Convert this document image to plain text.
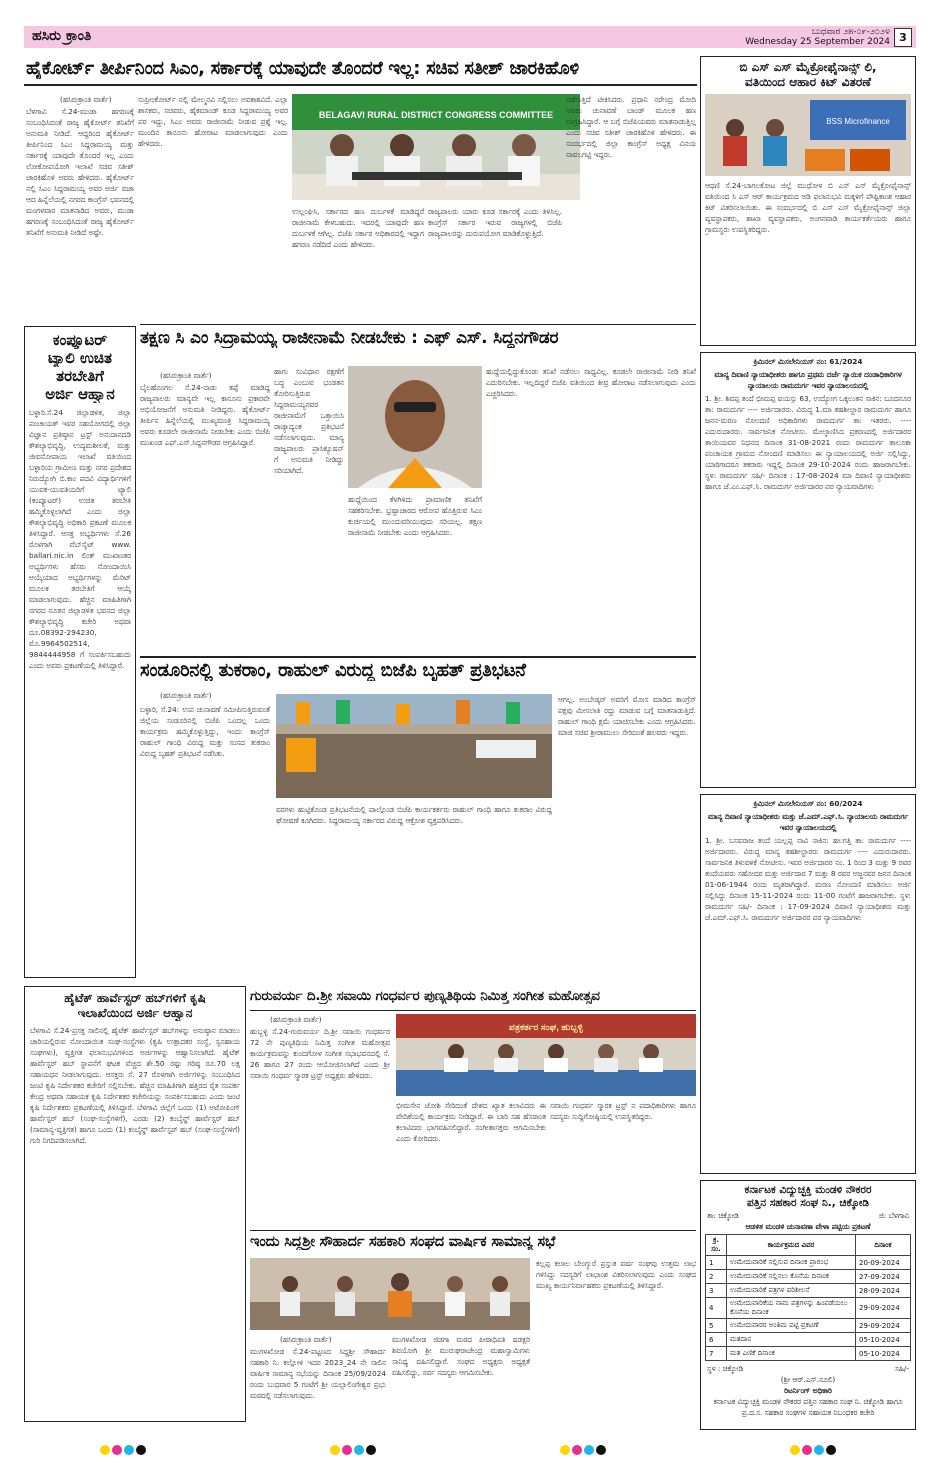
ಹಸಿರು ಕ್ರಾಂತಿ	ಬುಧವಾರ ೨೫-೦೯-೨೦೨೪
Wednesday 25 September 2024 3
ಹೈಕೋರ್ಟ್ ತೀರ್ಪಿನಿಂದ ಸಿಎಂ, ಸರ್ಕಾರಕ್ಕೆ ಯಾವುದೇ ತೊಂದರೆ ಇಲ್ಲ: ಸಚಿವ ಸತೀಶ್ ಜಾರಕಿಹೊಳಿ
(ಹಸಿರುಕ್ರಾಂತಿ ವಾರ್ತೆ)
ಬೆಳಗಾವಿ ಸೆ.24-ಮುಡಾ ಹಗರಣಕ್ಕೆ ಸಂಬಂಧಿಸಿದಂತೆ ರಾಜ್ಯ ಹೈಕೋರ್ಟ್ ತನಿಖೆಗೆ ಅನುಮತಿ ನೀಡಿದೆ. ಆದ್ದರಿಂದ ಹೈಕೋರ್ಟ್ ತೀರ್ಪಿನಿಂದ ಸಿಎಂ ಸಿದ್ದರಾಮಯ್ಯ ಮತ್ತು ಸರ್ಕಾರಕ್ಕೆ ಯಾವುದೇ ತೊಂದರೆ ಇಲ್ಲ ಎಂದು ಲೋಕೋಪಯೋಗಿ ಇಲಾಖೆ ಸಚಿವ ಸತೀಶ್ ಜಾರಕಿಹೊಳಿ ಅವರು ಹೇಳಿದರು. ಹೈಕೋರ್ಟ್ ನಲ್ಲಿ ಸಿಎಂ ಸಿದ್ದರಾಮಯ್ಯ ಅವರ ಅರ್ಜಿ ವಜಾ ಆದ ಹಿನ್ನೆಲೆಯಲ್ಲಿ ನಗರದ ಕಾಂಗ್ರೆಸ್ ಭವನದಲ್ಲಿ ಮಂಗಳವಾರ ಮಾತನಾಡಿದ ಅವರು, ಮುಡಾ ಹಗರಣಕ್ಕೆ ಸಂಬಂಧಿಸಿದಂತೆ ರಾಜ್ಯ ಹೈಕೋರ್ಟ್ ತನಿಖೆಗೆ ಅನುಮತಿ ನೀಡಿದೆ ಅಷ್ಟೇ.
ಸುಪ್ರೀಂಕೋರ್ಟ್ ನಲ್ಲಿ ಮೇಲ್ಮನವಿ ಸಲ್ಲಿಸಲು ಅವಕಾಶವಿದೆ. ಎಲ್ಲಾ ಶಾಸಕರು, ಸಚಿವರು, ಹೈಕಮಾಂಡ್ ಕೂಡ ಸಿದ್ದರಾಮಯ್ಯ ಅವರ ಪರ ಇದ್ದು, ಸಿಎಂ ಅವರು ರಾಜೀನಾಮೆ ನೀಡುವ ಪ್ರಶ್ನೆ ಇಲ್ಲ. ಮುಂದಿನ ಕಾನೂನು ಹೋರಾಟ ಮಾಡಲಾಗುವುದು ಎಂದು ಹೇಳಿದರು.
BELAGAVI RURAL DISTRICT CONGRESS COMMITTEE
ಉಲ್ಲಂಘಿಸಿ, ಸರ್ಕಾರದ ಹಣ ದುರ್ಬಳಕೆ ಮಾಡಿದ್ದರೆ ರಾಜೀನಾಮೆ ಕೇಳಬಹುದು. ಇದರಲ್ಲಿ ಯಾವುದೇ ಹಣ ದುರ್ಬಳಕೆ ಆಗಿಲ್ಲ. ಬಿಜೆಪಿ ಸರ್ಕಾರ ಅಧಿಕಾರದಲ್ಲಿ ಇದ್ದಾಗ ಹಗರಣ ನಡೆದಿದೆ ಎಂದು ಹೇಳಿದರು.
ರಾಜ್ಯಪಾಲರು ಯಾರು ಕೂಡ ಸರ್ಕಾರಕ್ಕೆ ಎಂದು ತಿಳಿಸಿಲ್ಲ. ಕಾಂಗ್ರೆಸ್ ಸರ್ಕಾರ ಇರುವ ರಾಜ್ಯಗಳಲ್ಲಿ ಬಿಜೆಪಿ ರಾಜ್ಯಪಾಲರನ್ನು ದುರುಪಯೋಗ ಮಾಡಿಕೊಳ್ಳುತ್ತಿದೆ.
ನಡೆಸುತ್ತಿದೆ ಟೀಕಿಸಿದರು. ಪ್ರಧಾನಿ ನರೇಂದ್ರ ಮೋದಿ ಅವರು ಚುನಾವಣೆ ಬಾಂಡ್ ಮೂಲಕ ಹಣ ಸಂಗ್ರಹಿಸಿದ್ದಾರೆ. ಆ ಬಗ್ಗೆ ಬಿಜೆಪಿಯವರು ಮಾತನಾಡುತ್ತಿಲ್ಲ ಎಂದು ಸಚಿವ ಸತೀಶ್ ಜಾರಕಿಹೊಳಿ ಹೇಳಿದರು. ಈ ಸಂದರ್ಭದಲ್ಲಿ ಜಿಲ್ಲಾ ಕಾಂಗ್ರೆಸ್ ಅಧ್ಯಕ್ಷ ವಿನಯ ನಾವಲಗಟ್ಟಿ ಇದ್ದರು.
ಬಿ ಎಸ್ ಎಸ್ ಮೈಕ್ರೋಫೈನಾನ್ಸ್ ಲಿ,
ವತಿಯಿಂದ ಆಹಾರ ಕಿಟ್ ವಿತರಣೆ
BSS Microfinance
ಆಥಣಿ ಸೆ.24-ಬಾಗಲಕೋಟ ಜಿಲ್ಲೆ ಮುಧೋಳ ಬಿ ಎಸ್ ಎಸ್ ಮೈಕ್ರೋಫೈನಾನ್ಸ್ ವತಿಯಿಂದ ಸಿ ಎಸ್ ಆರ್ ಕಾರ್ಯಕ್ರಮದ ಅಡಿ ಫಲಾನುಭವಿ ಮಕ್ಕಳಿಗೆ ಪೌಷ್ಟಿಕಾಂಶ ಆಹಾರ ಕಿಟ್ ವಿತರಿಸಲಾಯಿತು. ಈ ಸಂದರ್ಭದಲ್ಲಿ ಬಿ ಎಸ್ ಎಸ್ ಮೈಕ್ರೋಫೈನಾನ್ಸ್ ಜಿಲ್ಲಾ ವ್ಯವಸ್ಥಾಪಕರು, ಶಾಖಾ ವ್ಯವಸ್ಥಾಪಕರು, ಅಂಗನವಾಡಿ ಕಾರ್ಯಕರ್ತೆಯರು ಹಾಗೂ ಗ್ರಾಮಸ್ಥರು ಉಪಸ್ಥಿತರಿದ್ದರು.
ತಕ್ಷಣ ಸಿ ಎಂ ಸಿದ್ರಾಮಯ್ಯ ರಾಜೀನಾಮೆ ನೀಡಬೇಕು : ಎಫ್ ಎಸ್. ಸಿದ್ದನಗೌಡರ
(ಹಸಿರುಕ್ರಾಂತಿ ವಾರ್ತೆ)
ಬೈಲಹೊಂಗಲ ಸೆ.24-ನಾಡು ತಪ್ಪೆ ಮಾಡಿದ್ದ ರಾಜ್ಯಪಾಲರು ಮಾನ್ಯವೇ ಇಲ್ಲ ಕಾನೂನು ಪ್ರಕಾರವೇ ಅಭಿಯೋಜನೆಗೆ ಅನುಮತಿ ನೀಡಿದ್ದರು. ಹೈಕೋರ್ಟ್ ತೀರ್ಪಿನ ಹಿನ್ನೆಲೆಯಲ್ಲಿ ಮುಖ್ಯಮಂತ್ರಿ ಸಿದ್ದರಾಮಯ್ಯ ಅವರು ಕೂಡಲೇ ರಾಜೀನಾಮೆ ನೀಡಬೇಕು ಎಂದು ಬಿಜೆಪಿ ಮುಖಂಡ ಎಫ್.ಎಸ್.ಸಿದ್ದನಗೌಡರ ಆಗ್ರಹಿಸಿದ್ದಾರೆ.
ಹಾಗು ಸಂವಿಧಾನ ರಕ್ಷಣೆಗೆ ಬದ್ಧ ಎಂಬುವ ಭಂಡತನ ತೋರಿಸುತ್ತಿರುವ ಸಿದ್ದರಾಮಯ್ಯನವರ ರಾಜೀನಾಮೆಗೆ ಒತ್ತಾಯಿಸಿ ರಾಜ್ಯಾದ್ಯಂತ ಪ್ರತಿಭಟನೆ ನಡೆಸಲಾಗುವುದು. ಮಾನ್ಯ ರಾಜ್ಯಪಾಲರು ಪ್ರಾಸಿಕ್ಯೂಷನ್ ಗೆ ಅನುಮತಿ ನೀಡಿದ್ದು ಸರಿಯಾಗಿದೆ.
ಹುದ್ದೆಯಿಂದ ಕೆಳಗಿಳಿದು ಪ್ರಾಮಾಣಿಕ ತನಿಖೆಗೆ ಸಹಕರಿಸಬೇಕು. ಭ್ರಷ್ಟಾಚಾರದ ಆರೋಪ ಹೊತ್ತಿರುವ ಸಿಎಂ ಕುರ್ಚಿಯಲ್ಲಿ ಮುಂದುವರಿಯುವುದು ಸರಿಯಲ್ಲ. ತಕ್ಷಣ ರಾಜೀನಾಮೆ ನೀಡಬೇಕು ಎಂದು ಆಗ್ರಹಿಸಿದರು.
ಹುದ್ದೆಯಲ್ಲಿದ್ದುಕೊಂಡು ತನಿಖೆ ನಡೆಸಲು ಸಾಧ್ಯವಿಲ್ಲ. ಕೂಡಲೇ ರಾಜೀನಾಮೆ ನೀಡಿ ತನಿಖೆ ಎದುರಿಸಬೇಕು. ಇಲ್ಲದಿದ್ದರೆ ಬಿಜೆಪಿ ವತಿಯಿಂದ ತೀವ್ರ ಹೋರಾಟ ನಡೆಸಲಾಗುವುದು ಎಂದು ಎಚ್ಚರಿಸಿದರು.
ಕಂಪ್ಯೂಟರ್
ಟ್ಯಾಲಿ ಉಚಿತ
ತರಬೇತಿಗೆ
ಅರ್ಜಿ ಆಹ್ವಾನ
ಬಳ್ಳಾರಿ.ಸೆ.24 ಜಿಲ್ಲಾಡಳಿತ, ಜಿಲ್ಲಾ ಪಂಚಾಯತ್ ಇವರ ಸಹಯೋಗದಲ್ಲಿ ಜಿಲ್ಲಾ ವಿಜ್ಞಾನ ಪ್ರತಿಷ್ಠಾನ ಟ್ರಸ್ಟ್ ಅನುದಾನದಡಿ ಕೌಶಲ್ಯಾಭಿವೃದ್ಧಿ, ಉದ್ಯಮಶೀಲತೆ, ಮತ್ತು ಜೀವನೋಪಾಯ ಇಲಾಖೆ ವತಿಯಿಂದ ಬಳ್ಳಾರಿಯ ಗ್ರಾಮೀಣ ಮತ್ತು ನಗರ ಪ್ರದೇಶದ ನಿರುದ್ಯೋಗಿ ಬಿ.ಕಾಂ ಪದವಿ ವಿದ್ಯಾರ್ಥಿಗಳಿಗೆ ಯುವಕ-ಯುವತಿಯರಿಗೆ ಟ್ಯಾಲಿ (ಕಂಪ್ಯೂಟರ್) ಉಚಿತ ತರಬೇತಿ ಹಮ್ಮಿಕೊಳ್ಳಲಾಗಿದೆ ಎಂದು ಜಿಲ್ಲಾ ಕೌಶಲ್ಯಾಭಿವೃದ್ಧಿ ಅಧಿಕಾರಿ ಪ್ರಕಟಣೆ ಮೂಲಕ ತಿಳಿಸಿದ್ದಾರೆ. ಆಸಕ್ತ ಅಭ್ಯರ್ಥಿಗಳು ಸೆ.26 ರೊಳಗಾಗಿ ವೆಬ್‌ಸೈಟ್ www. ballari.nic.in ಲಿಂಕ್ ಮುಖಾಂತರ ಅಭ್ಯರ್ಥಿಗಳು ಹೆಸರು ನೋಂದಾಯಿಸಿ ಆಯ್ಕೆಯಾದ ಅಭ್ಯರ್ಥಿಗಳನ್ನು ಮೆರಿಟ್ ಮೂಲಕ ತರಬೇತಿಗೆ ಆಯ್ಕೆ ಮಾಡಲಾಗುವುದು. ಹೆಚ್ಚಿನ ಮಾಹಿತಿಗಾಗಿ ನಗರದ ನೂತನ ಜಿಲ್ಲಾಡಳಿತ ಭವನದ ಜಿಲ್ಲಾ ಕೌಶಲ್ಯಾಭಿವೃದ್ಧಿ ಕಚೇರಿ ಅಥವಾ ದೂ.08392-294230, ಮೊ.9964502514, 9844444958 ಗೆ ಸಂಪರ್ಕಿಸಬಹುದು ಎಂದು ಅವರು ಪ್ರಕಟಣೆಯಲ್ಲಿ ತಿಳಿಸಿದ್ದಾರೆ. ಸಂಡೂರಿನಲ್ಲಿ ತುಕರಾಂ, ರಾಹುಲ್ ವಿರುದ್ದ ಬಿಜೆಪಿ ಬೃಹತ್ ಪ್ರತಿಭಟನೆ
(ಹಸಿರುಕ್ರಾಂತಿ ವಾರ್ತೆ)
ಬಳ್ಳಾರಿ, ಸೆ.24: ಉಪ ಚುನಾವಣೆ ಸಮೀಪಿಸುತ್ತಿರುವಂತೆ ಜಿಲ್ಲೆಯ ಸಂಡೂರಿನಲ್ಲಿ ಬಿಜೆಪಿ ಒಂದಲ್ಲ ಒಂದು ಕಾರ್ಯಕ್ರಮ ಹಮ್ಮಿಕೊಳ್ಳುತ್ತಿದ್ದು, ಇಂದು ಕಾಂಗ್ರೆಸ್ ರಾಹುಲ್ ಗಾಂಧಿ ವಿರುದ್ದ ಮತ್ತು ಸಂಸದ ತುಕರಾಂ ವಿರುದ್ದ ಬೃಹತ್ ಪ್ರತಿಭಟನೆ ನಡೆಸಿತು.
ವರಗಳು ಹುಟ್ಟಿಕೊಂಡ ಪ್ರತಿಭಟನೆಯಲ್ಲಿ ಪಾಲ್ಗೊಂಡ ಬಿಜೆಪಿ ಕಾರ್ಯಕರ್ತರು ರಾಹುಲ್ ಗಾಂಧಿ ಹಾಗೂ ತುಕರಾಂ ವಿರುದ್ದ ಘೋಷಣೆ ಕೂಗಿದರು. ಸಿದ್ದರಾಮಯ್ಯ ಸರ್ಕಾರದ ವಿರುದ್ದ ಆಕ್ರೋಶ ವ್ಯಕ್ತಪಡಿಸಿದರು.
ಆಗಲ್ಲ. ಅಂಬೇಡ್ಕರ್ ಅವರಿಗೆ ಮೋಸ ಮಾಡಿದ ಕಾಂಗ್ರೆಸ್ ಪಕ್ಷವು ಮೀಸಲಾತಿ ರದ್ದು ಮಾಡುವ ಬಗ್ಗೆ ಮಾತನಾಡುತ್ತಿದೆ. ರಾಹುಲ್ ಗಾಂಧಿ ಕ್ಷಮೆ ಯಾಚಿಸಬೇಕು ಎಂದು ಆಗ್ರಹಿಸಿದರು. ಮಾಜಿ ಸಚಿವ ಶ್ರೀರಾಮುಲು ಸೇರಿದಂತೆ ಹಲವರು ಇದ್ದರು.
ಕ್ರಿಮಿನಲ್ ಮಿಸಲೇನಿಯಸ್ ನಂ: 61/2024
ಮಾನ್ಯ ದಿವಾಣಿ ನ್ಯಾಯಾಧೀಶರು ಹಾಗೂ ಪ್ರಥಮ ದರ್ಜೆ ನ್ಯಾಯಿಕ ದಂಡಾಧಿಕಾರಿಗಳ ನ್ಯಾಯಾಲಯ ರಾಮದುರ್ಗ ಇವರ ನ್ಯಾಯಾಲಯದಲ್ಲಿ
1. ಶ್ರೀ. ಶಿವಪ್ಪ ತಂದೆ ಭೀಮಪ್ಪ ವಯಸ್ಸು 63, ಉದ್ಯೋಗ ಒಕ್ಕಲುತನ ಸಾಕಿನ: ಬೂದನೂರ ತಾ: ರಾಮದುರ್ಗ ---- ಅರ್ಜಿದಾರರು. ವಿರುದ್ಧ 1.ಮಾ ತಹಶೀಲ್ದಾರ ರಾಮದುರ್ಗ ಹಾಗೂ ಜನನ-ಮರಣ ನೋಂದಣಿ ಅಧಿಕಾರಿಗಳು ರಾಮದುರ್ಗ ತಾ: ಇತರರು. ---- ಎದುರುದಾರರು. ಸಾರ್ವಜನಿಕ ನೋಟೀಸು. ಮೇಲ್ಕಾಣಿಸಿದ ಪ್ರಕರಣದಲ್ಲಿ ಅರ್ಜಿದಾರರ ತಾಯಿಯವರ ನಿಧನದ ದಿನಾಂಕ 31-08-2021 ರಂದು ರಾಮದುರ್ಗ ತಾಲೂಕಾ ಪಂಚಾಯತ ಗ್ರಾಮದ ನೋಂದಣಿ ಮಾಡಿಸಲು ಈ ನ್ಯಾಯಾಲಯದಲ್ಲಿ ಅರ್ಜಿ ಸಲ್ಲಿಸಿದ್ದು, ಯಾರಿಗಾದರೂ ತಕರಾರು ಇದ್ದಲ್ಲಿ ದಿನಾಂಕ 29-10-2024 ರಂದು ಹಾಜರಾಗಬೇಕು. ಸ್ಥಳ: ರಾಮದುರ್ಗ ಸಹಿ/- ದಿನಾಂಕ : 17-08-2024 ಮಾ ದಿವಾಣಿ ನ್ಯಾಯಾಧೀಶರು ಹಾಗೂ ಜೆ.ಎಂ.ಎಫ್.ಸಿ. ರಾಮದುರ್ಗ ಅರ್ಜಿದಾರರ ಪರ ನ್ಯಾಯವಾದಿಗಳು
ಕ್ರಿಮಿನಲ್ ಮಿಸಲೇನಿಯಸ್ ನಂ: 60/2024
ಮಾನ್ಯ ದಿವಾಣಿ ನ್ಯಾಯಾಧೀಶರು ಮತ್ತು ಜೆ.ಎಮ್.ಎಫ್.ಸಿ. ನ್ಯಾಯಾಲಯ ರಾಮದುರ್ಗ ಇವರ ನ್ಯಾಯಾಲಯದಲ್ಲಿ
1. ಶ್ರೀ. ಬಸವರಾಜ ತಂದೆ ಯಲ್ಲಪ್ಪ ನಾವಿ ಸಾಕಿನ: ಹಲಗತ್ತಿ ತಾ: ರಾಮದುರ್ಗ ---- ಅರ್ಜಿದಾರರು. ವಿರುದ್ಧ ಮಾನ್ಯ ತಹಶೀಲ್ದಾರರು ರಾಮದುರ್ಗ ---- ಎದುರುದಾರರು. ಸಾರ್ವಜನಿಕ ತಿಳುವಳಿಕೆ ನೋಟೀಸು. ಇವರ ಅರ್ಜಿದಾರರ ನಂ. 1 ರಿಂದ 3 ಮತ್ತು 9 ರವರ ತಂದೆಯವರು ಸಹೋದರ ಮತ್ತು ಅರ್ಜಿದಾರ 7 ಮತ್ತು 8 ರವರ ಅಜ್ಜನವರ ಜನನ ದಿನಾಂಕ 01-06-1944 ರಂದು ಮೃತರಾಗಿದ್ದಾರೆ. ಮರಣ ನೋಂದಣಿ ಮಾಡಿಸಲು ಅರ್ಜಿ ಸಲ್ಲಿಸಿದ್ದು ದಿನಾಂಕ 15-11-2024 ರಂದು 11-00 ಗಂಟೆಗೆ ಹಾಜರಾಗಬೇಕು. ಸ್ಥಳ: ರಾಮದುರ್ಗ ಸಹಿ/- ದಿನಾಂಕ : 17-09-2024 ದಿವಾಣಿ ನ್ಯಾಯಾಧೀಶರು ಮತ್ತು ಜೆ.ಎಮ್.ಎಫ್.ಸಿ. ರಾಮದುರ್ಗ ಅರ್ಜಿದಾರರ ಪರ ನ್ಯಾಯವಾದಿಗಳು
ಹೈಟೆಕ್ ಹಾರ್ವೆಸ್ಟರ್ ಹಬ್‌ಗಳಿಗೆ ಕೃಷಿ
ಇಲಾಖೆಯಿಂದ ಅರ್ಜಿ ಆಹ್ವಾನ
ಬೆಳಗಾವಿ ಸೆ.24-ಪ್ರಸಕ್ತ ಸಾಲಿನಲ್ಲಿ ಹೈಟೆಕ್ ಹಾರ್ವೆಸ್ಟರ್ ಹಬ್‌ಗಳನ್ನು ಅನುಷ್ಠಾನ ಮಾಡಲು ಜಾರಿಯಲ್ಲಿರುವ ನೋಂದಾಯಿತ ಸಂಘ-ಸಂಸ್ಥೆಗಳು (ಕೃಷಿ ಉತ್ಪಾದಕರ ಸಂಸ್ಥೆ, ಸ್ವಸಹಾಯ ಸಂಘಗಳು), ವ್ಯಕ್ತಿಗತ ಫಲಾನುಭವಿಗಳಿಂದ ಅರ್ಜಿಗಳನ್ನು ಆಹ್ವಾನಿಸಲಾಗಿದೆ. ಹೈಟೆಕ್ ಹಾರ್ವೆಸ್ಟರ್ ಹಬ್ ಸ್ಥಾಪನೆಗೆ ಘಟಕ ವೆಚ್ಚದ ಶೇ.50 ರಷ್ಟು ಗರಿಷ್ಠ ರೂ.70 ಲಕ್ಷ ಸಹಾಯಧನ ನೀಡಲಾಗುವುದು. ಆಸಕ್ತರು ಸೆ. 27 ರೊಳಗಾಗಿ ಅರ್ಜಿಗಳನ್ನು ಸಂಬಂಧಿಸಿದ ಜಂಟಿ ಕೃಷಿ ನಿರ್ದೇಶಕರ ಕಚೇರಿಗೆ ಸಲ್ಲಿಸಬೇಕು. ಹೆಚ್ಚಿನ ಮಾಹಿತಿಗಾಗಿ ಹತ್ತಿರದ ರೈತ ಸಂಪರ್ಕ ಕೇಂದ್ರ ಅಥವಾ ಸಹಾಯಕ ಕೃಷಿ ನಿರ್ದೇಶಕರ ಕಚೇರಿಯನ್ನು ಸಂಪರ್ಕಿಸಬಹುದು ಎಂದು ಜಂಟಿ ಕೃಷಿ ನಿರ್ದೇಶಕರು ಪ್ರಕಟಣೆಯಲ್ಲಿ ತಿಳಿಸಿದ್ದಾರೆ. ಬೆಳಗಾವಿ ಜಿಲ್ಲೆಗೆ ಒಂದು (1) ಅಟೋಪಿಂಗ್ ಹಾರ್ವೆಸ್ಟರ್ ಹಬ್ (ಸಂಘ-ಸಂಸ್ಥೆಗಳಿಗೆ), ಎರಡು (2) ಕಂಬೈನ್ಡ್ ಹಾರ್ವೆಸ್ಟರ್ ಹಬ್ (ಸಾಮಾನ್ಯ-ವ್ಯಕ್ತಿಗತ) ಹಾಗೂ ಒಂದು (1) ಕಂಬೈನ್ಡ್ ಹಾರ್ವೆಸ್ಟರ್ ಹಬ್ (ಸಂಘ-ಸಂಸ್ಥೆಗಳಿಗೆ) ಗುರಿ ನಿಗದಿಪಡಿಸಲಾಗಿದೆ.
ಗುರುವರ್ಯ ದಿ.ಶ್ರೀ ಸವಾಯಿ ಗಂಧರ್ವರ ಪುಣ್ಯತಿಥಿಯ ನಿಮಿತ್ತ ಸಂಗೀತ ಮಹೋತ್ಸವ
(ಹಸಿರುಕ್ರಾಂತಿ ವಾರ್ತೆ)
ಹುಬ್ಬಳ್ಳಿ ಸೆ.24-ಗುರುವರ್ಯ ದಿ.ಶ್ರೀ ಸವಾಯಿ ಗಂಧರ್ವರ 72 ನೇ ಪುಣ್ಯತಿಥಿಯ ನಿಮಿತ್ತ ಸಂಗೀತ ಮಹೋತ್ಸವ ಕಾರ್ಯಕ್ರಮವನ್ನು ಕುಂದಗೋಳ ಸಂಗೀತ ಸಭಾಭವನದಲ್ಲಿ ಸೆ. 26 ಹಾಗೂ 27 ರಂದು ಆಯೋಜಿಸಲಾಗಿದೆ ಎಂದು ಶ್ರೀ ಸವಾಯಿ ಗಂಧರ್ವ ಸ್ಮಾರಕ ಟ್ರಸ್ಟ್ ಅಧ್ಯಕ್ಷರು ಹೇಳಿದರು.
ಪತ್ರಕರ್ತರ ಸಂಘ, ಹುಬ್ಬಳ್ಳಿ
ಭೀಮಸೇನ ಜೋಶಿ ಸೇರಿದಂತೆ ದೇಶದ ಖ್ಯಾತ ಕಲಾವಿದರು ಈ ವೇದಿಕೆಯಲ್ಲಿ ಕಾರ್ಯಕ್ರಮ ನೀಡಿದ್ದಾರೆ. ಈ ಬಾರಿ ಸಹ ಹೆಸರಾಂತ ಕಲಾವಿದರು ಭಾಗವಹಿಸಲಿದ್ದಾರೆ. ಸಂಗೀತಾಸಕ್ತರು ಆಗಮಿಸಬೇಕು ಎಂದು ಕೋರಿದರು.
ಸವಾಯಿ ಗಂಧರ್ವ ಸ್ಮಾರಕ ಟ್ರಸ್ಟ್ ನ ಪದಾಧಿಕಾರಿಗಳು ಹಾಗೂ ಸದಸ್ಯರು ಸುದ್ದಿಗೋಷ್ಠಿಯಲ್ಲಿ ಉಪಸ್ಥಿತರಿದ್ದರು.
ಇಂದು ಸಿದ್ದಶ್ರೀ ಸೌಹಾರ್ದ ಸಹಕಾರಿ ಸಂಘದ ವಾರ್ಷಿಕ ಸಾಮಾನ್ಯ ಸಭೆ
ಕಲ್ಲಪ್ಪ ಕಲಾಲ ಬೇಂಗ್ಯುರೆ ಪ್ರಸ್ತುತ ವರ್ಷ ಸಂಘವು ಉತ್ತಮ ಲಾಭ ಗಳಿಸಿದ್ದು ಸದಸ್ಯರಿಗೆ ಲಾಭಾಂಶ ವಿತರಿಸಲಾಗುವುದು ಎಂದು ಸಂಘದ ಮುಖ್ಯ ಕಾರ್ಯನಿರ್ವಾಹಕರು ಪ್ರಕಟಣೆಯಲ್ಲಿ ತಿಳಿಸಿದ್ದಾರೆ.
(ಹಸಿರುಕ್ರಾಂತಿ ವಾರ್ತೆ)
ಮುಗಳಖೋಡ ಸೆ.24-ಪಟ್ಟಣದ ಸಿದ್ದಶ್ರೀ ಸೌಹಾರ್ದ ಸಹಕಾರಿ ನಿ. ಕಲ್ಲೋಳಿ ಇದರ 2023_24 ನೇ ಸಾಲಿನ ವಾರ್ಷಿಕ ಸಾಮಾನ್ಯ ಸಭೆಯನ್ನು ದಿನಾಂಕ 25/09/2024 ರಂದು ಬುಧವಾರ 5 ಗಂಟೆಗೆ ಶ್ರೀ ಯಲ್ಲಾಲಿಂಗೇಶ್ವರ ಪ್ರಭು ಮಠದಲ್ಲಿ ನಡೆಸಲಾಗುವುದು.
ಮುಗಳಖೋಡ ಜಿಡಗಾ ಮಠದ ಪೀಠಾಧಿಪತಿ ಷಡಕ್ಷರಿ ಶಿವಯೋಗಿ ಶ್ರೀ ಮುರುಘರಾಜೇಂದ್ರ ಮಹಾಸ್ವಾಮಿಗಳು ಸಾನಿಧ್ಯ ವಹಿಸಲಿದ್ದಾರೆ. ಸಂಘದ ಅಧ್ಯಕ್ಷರು ಅಧ್ಯಕ್ಷತೆ ವಹಿಸಲಿದ್ದು, ಸರ್ವ ಸದಸ್ಯರು ಆಗಮಿಸಬೇಕು.
ಕರ್ನಾಟಕ ವಿದ್ಯುಚ್ಛಕ್ತಿ ಮಂಡಳಿ ನೌಕರರ
ಪತ್ತಿನ ಸಹಕಾರ ಸಂಘ ನಿ., ಚಿಕ್ಕೋಡಿ
ತಾ: ಚಿಕ್ಕೋಡಿ	ಜಿ: ಬೆಳಗಾವಿ
ಆಡಳಿತ ಮಂಡಳಿ ಚುನಾವಣಾ ವೇಳಾ ಪಟ್ಟಿಯ ಪ್ರಕಟಣೆ
ಕ್ರ. ಸಂ.	ಕಾರ್ಯಕ್ರಮದ ವಿವರ	ದಿನಾಂಕ
1	ಉಮೇದುವಾರಿಕೆ ಸಲ್ಲಿಸುವ ದಿನಾಂಕ ಪ್ರಾರಂಭ	20-09-2024
2	ಉಮೇದುವಾರಿಕೆ ಸಲ್ಲಿಸಲು ಕೊನೆಯ ದಿನಾಂಕ	27-09-2024
3	ಉಮೇದುವಾರಿಕೆ ಪತ್ರಗಳ ಪರಿಶೀಲನೆ	28-09-2024
4	ಉಮೇದುವಾರಿಕೆಯ ನಾಮ ಪತ್ರಗಳನ್ನು ಹಿಂಪಡೆಯಲು ಕೊನೆಯ ದಿನಾಂಕ	29-09-2024
5	ಉಮೇದುವಾರರ ಅಂತಿಮ ಪಟ್ಟಿ ಪ್ರಕಟಣೆ	29-09-2024
6	ಮತದಾನ	05-10-2024
7	ಮತ ಎಣಿಕೆ ದಿನಾಂಕ	05-10-2024
ಸ್ಥಳ : ಚಿಕ್ಕೋಡಿ	ಸಹಿ/-
(ಶ್ರೀ ಆರ್.ಎಸ್.ನೂಲಿ)
ರಿಟರ್ನಿಂಗ್ ಅಧಿಕಾರಿ
ಕರ್ನಾಟಕ ವಿದ್ಯುಚ್ಛಕ್ತಿ ಮಂಡಳಿ ನೌಕರರ ಪತ್ತಿನ ಸಹಕಾರ ಸಂಘ ನಿ. ಚಿಕ್ಕೋಡಿ ಹಾಗೂ ಪ್ರ.ದ.ಸ. ಸಹಕಾರ ಸಂಘಗಳ ಸಹಾಯಕ ನಿಬಂಧಕರ ಕಚೇರಿ
